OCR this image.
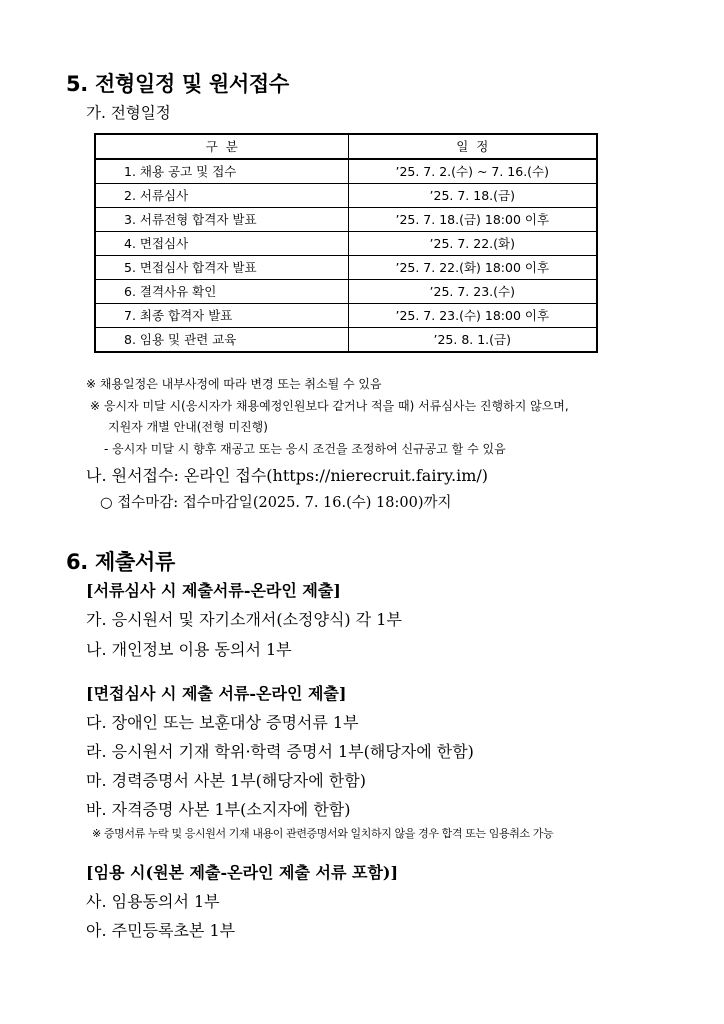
5. 전형일정 및 원서접수
가. 전형일정
구  분	일  정
1. 채용 공고 및 접수	’25. 7. 2.(수) ~ 7. 16.(수)
2. 서류심사	’25. 7. 18.(금)
3. 서류전형 합격자 발표	’25. 7. 18.(금) 18:00 이후
4. 면접심사	’25. 7. 22.(화)
5. 면접심사 합격자 발표	’25. 7. 22.(화) 18:00 이후
6. 결격사유 확인	’25. 7. 23.(수)
7. 최종 합격자 발표	’25. 7. 23.(수) 18:00 이후
8. 임용 및 관련 교육	’25. 8. 1.(금)
※ 채용일정은 내부사정에 따라 변경 또는 취소될 수 있음
※ 응시자 미달 시(응시자가 채용예정인원보다 같거나 적을 때) 서류심사는 진행하지 않으며,
지원자 개별 안내(전형 미진행)
- 응시자 미달 시 향후 재공고 또는 응시 조건을 조정하여 신규공고 할 수 있음
나. 원서접수: 온라인 접수(https://nierecruit.fairy.im/)
○ 접수마감: 접수마감일(2025. 7. 16.(수) 18:00)까지
6. 제출서류
[서류심사 시 제출서류-온라인 제출]
가. 응시원서 및 자기소개서(소정양식) 각 1부
나. 개인정보 이용 동의서 1부
[면접심사 시 제출 서류-온라인 제출]
다. 장애인 또는 보훈대상 증명서류 1부
라. 응시원서 기재 학위·학력 증명서 1부(해당자에 한함)
마. 경력증명서 사본 1부(해당자에 한함)
바. 자격증명 사본 1부(소지자에 한함)
※ 증명서류 누락 및 응시원서 기재 내용이 관련증명서와 일치하지 않을 경우 합격 또는 임용취소 가능
[임용 시(원본 제출-온라인 제출 서류 포함)]
사. 임용동의서 1부
아. 주민등록초본 1부
